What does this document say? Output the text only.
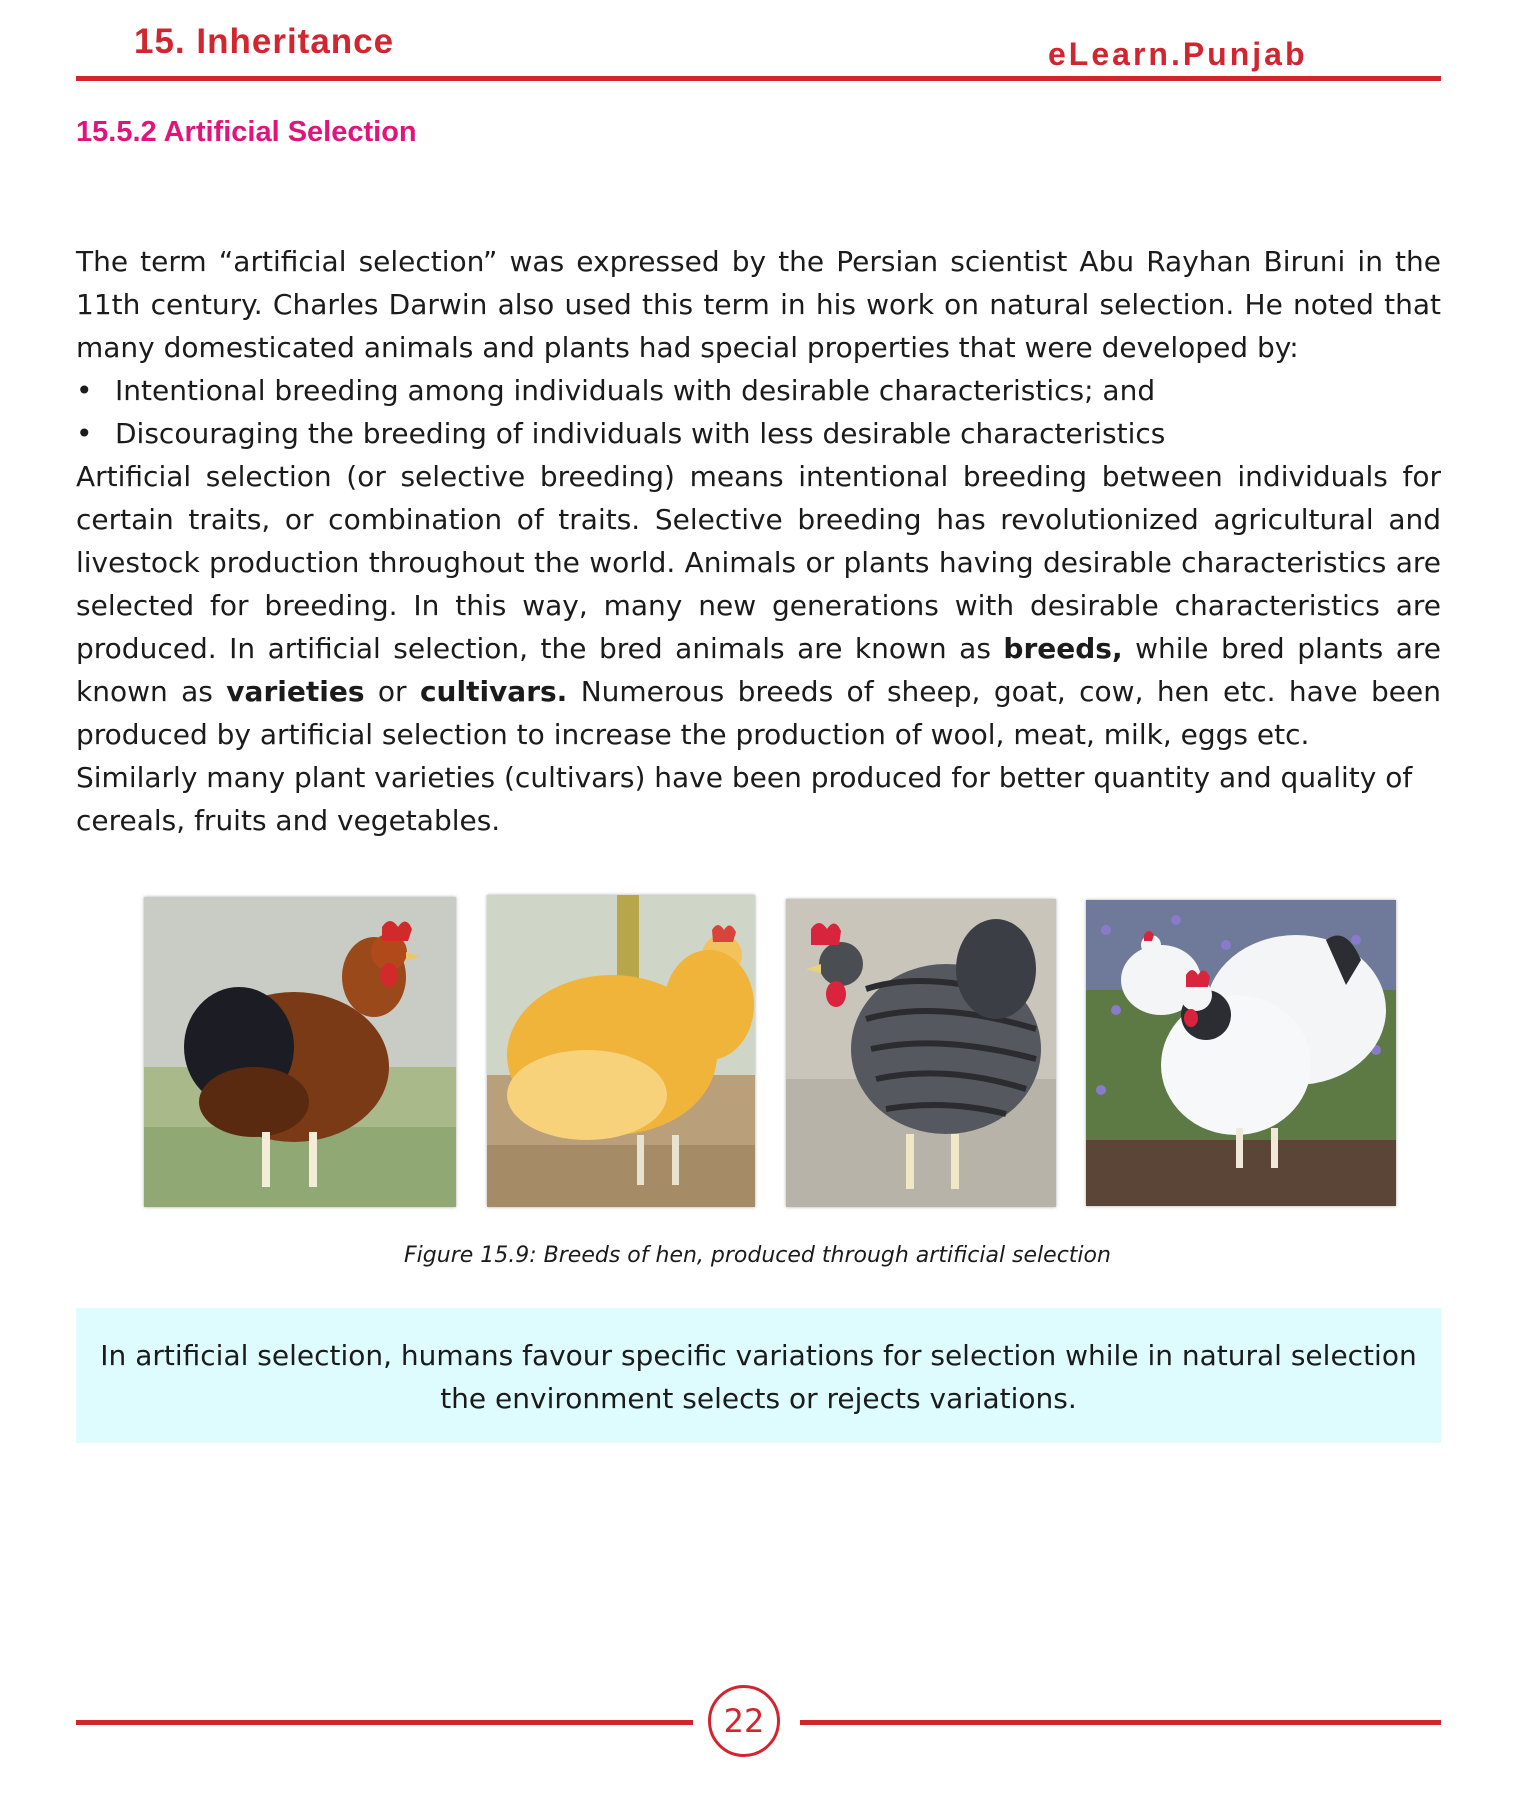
15. Inheritance	eLearn.Punjab
15.5.2 Artificial Selection

The term “artificial selection” was expressed by the Persian scientist Abu Rayhan Biruni in the 11th century. Charles Darwin also used this term in his work on natural selection. He noted that many domesticated animals and plants had special properties that were developed by:

• Intentional breeding among individuals with desirable characteristics; and
• Discouraging the breeding of individuals with less desirable characteristics

Artificial selection (or selective breeding) means intentional breeding between individuals for certain traits, or combination of traits. Selective breeding has revolutionized agricultural and livestock production throughout the world. Animals or plants having desirable characteristics are selected for breeding. In this way, many new generations with desirable characteristics are produced. In artificial selection, the bred animals are known as breeds, while bred plants are known as varieties or cultivars. Numerous breeds of sheep, goat, cow, hen etc. have been produced by artificial selection to increase the production of wool, meat, milk, eggs etc.

Similarly many plant varieties (cultivars) have been produced for better quantity and quality of cereals, fruits and vegetables.

Figure 15.9: Breeds of hen, produced through artificial selection
In artificial selection, humans favour specific variations for selection while in natural selection the environment selects or rejects variations.
22
